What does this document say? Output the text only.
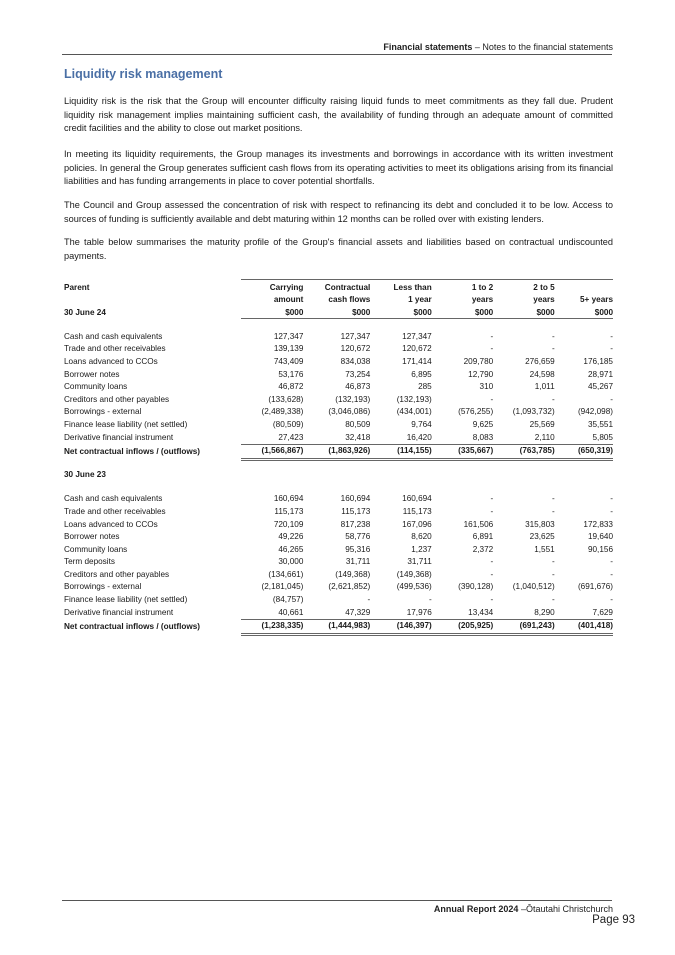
Financial statements – Notes to the financial statements
Liquidity risk management

Liquidity risk is the risk that the Group will encounter difficulty raising liquid funds to meet commitments as they fall due. Prudent liquidity risk management implies maintaining sufficient cash, the availability of funding through an adequate amount of committed credit facilities and the ability to close out market positions.

In meeting its liquidity requirements, the Group manages its investments and borrowings in accordance with its written investment policies. In general the Group generates sufficient cash flows from its operating activities to meet its obligations arising from its financial liabilities and has funding arrangements in place to cover potential shortfalls.

The Council and Group assessed the concentration of risk with respect to refinancing its debt and concluded it to be low. Access to sources of funding is sufficiently available and debt maturing within 12 months can be rolled over with existing lenders.

The table below summarises the maturity profile of the Group's financial assets and liabilities based on contractual undiscounted payments.

Parent	Carrying	Contractual	Less than	1 to 2	2 to 5	
	amount	cash flows	1 year	years	years	5+ years
30 June 24	$000	$000	$000	$000	$000	$000

Cash and cash equivalents	127,347	127,347	127,347	-	-	-
Trade and other receivables	139,139	120,672	120,672	-	-	-
Loans advanced to CCOs	743,409	834,038	171,414	209,780	276,659	176,185
Borrower notes	53,176	73,254	6,895	12,790	24,598	28,971
Community loans	46,872	46,873	285	310	1,011	45,267
Creditors and other payables	(133,628)	(132,193)	(132,193)	-	-	-
Borrowings - external	(2,489,338)	(3,046,086)	(434,001)	(576,255)	(1,093,732)	(942,098)
Finance lease liability (net settled)	(80,509)	80,509	9,764	9,625	25,569	35,551
Derivative financial instrument	27,423	32,418	16,420	8,083	2,110	5,805
Net contractual inflows / (outflows)	(1,566,867)	(1,863,926)	(114,155)	(335,667)	(763,785)	(650,319)

30 June 23						

Cash and cash equivalents	160,694	160,694	160,694	-	-	-
Trade and other receivables	115,173	115,173	115,173	-	-	-
Loans advanced to CCOs	720,109	817,238	167,096	161,506	315,803	172,833
Borrower notes	49,226	58,776	8,620	6,891	23,625	19,640
Community loans	46,265	95,316	1,237	2,372	1,551	90,156
Term deposits	30,000	31,711	31,711	-	-	-
Creditors and other payables	(134,661)	(149,368)	(149,368)	-	-	-
Borrowings - external	(2,181,045)	(2,621,852)	(499,536)	(390,128)	(1,040,512)	(691,676)
Finance lease liability (net settled)	(84,757)	-	-	-	-	-
Derivative financial instrument	40,661	47,329	17,976	13,434	8,290	7,629
Net contractual inflows / (outflows)	(1,238,335)	(1,444,983)	(146,397)	(205,925)	(691,243)	(401,418)
Annual Report 2024 –Ōtautahi Christchurch
Page 93
